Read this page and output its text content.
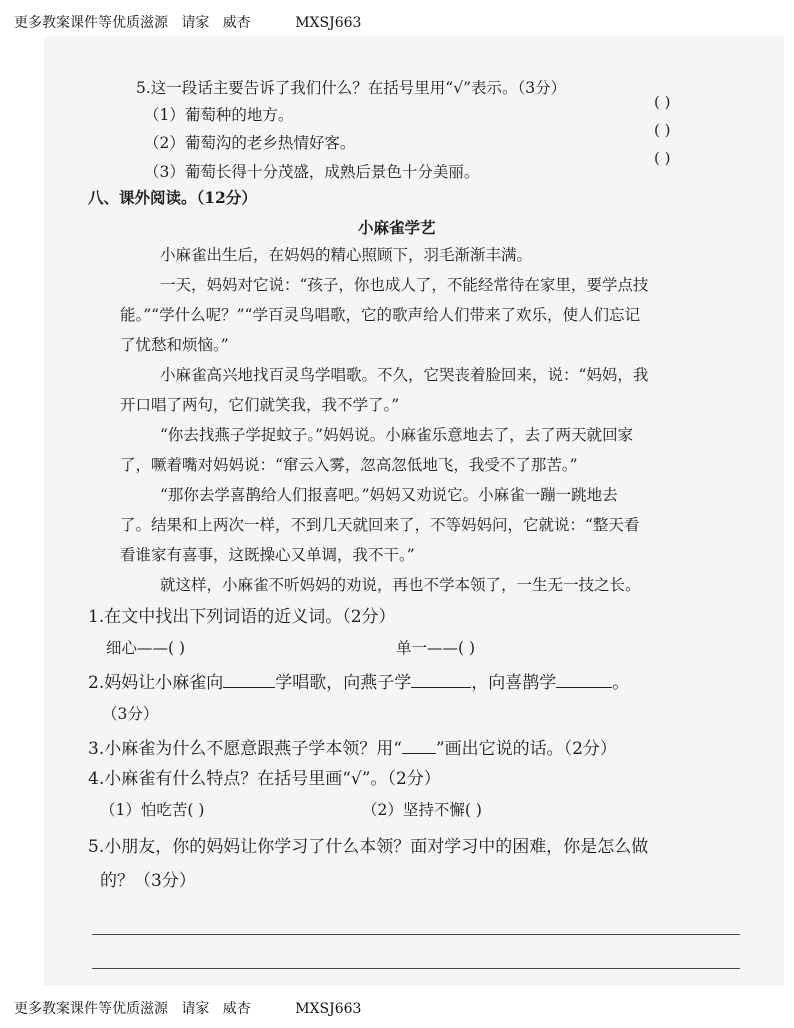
更多教案课件等优质滋源   请家   威杏          MXSJ663
5.这一段话主要告诉了我们什么？在括号里用“√”表示。（3分）
（1）葡萄种的地方。
( )
（2）葡萄沟的老乡热情好客。
( )
（3）葡萄长得十分茂盛，成熟后景色十分美丽。
( )
八、课外阅读。（12分）
小麻雀学艺
小麻雀出生后，在妈妈的精心照顾下，羽毛渐渐丰满。
一天，妈妈对它说：“孩子，你也成人了，不能经常待在家里，要学点技
能。”“学什么呢？”“学百灵鸟唱歌，它的歌声给人们带来了欢乐，使人们忘记
了忧愁和烦恼。”
小麻雀高兴地找百灵鸟学唱歌。不久，它哭丧着脸回来，说：“妈妈，我
开口唱了两句，它们就笑我，我不学了。”
“你去找燕子学捉蚊子。”妈妈说。小麻雀乐意地去了，去了两天就回家
了，噘着嘴对妈妈说：“窜云入雾，忽高忽低地飞，我受不了那苦。”
“那你去学喜鹊给人们报喜吧。”妈妈又劝说它。小麻雀一蹦一跳地去
了。结果和上两次一样，不到几天就回来了，不等妈妈问，它就说：“整天看
看谁家有喜事，这既操心又单调，我不干。”
就这样，小麻雀不听妈妈的劝说，再也不学本领了，一生无一技之长。
1.在文中找出下列词语的近义词。（2分）
细心——( )	单一——( )
2.妈妈让小麻雀向	学唱歌，向燕子学	，向喜鹊学	。
（3分）
3.小麻雀为什么不愿意跟燕子学本领？用“ ”画出它说的话。（2分）
4.小麻雀有什么特点？在括号里画“√”。（2分）
（1）怕吃苦( )	（2）坚持不懈( )
5.小朋友，你的妈妈让你学习了什么本领？面对学习中的困难，你是怎么做
的？（3分）
更多教案课件等优质滋源   请家   威杏          MXSJ663
